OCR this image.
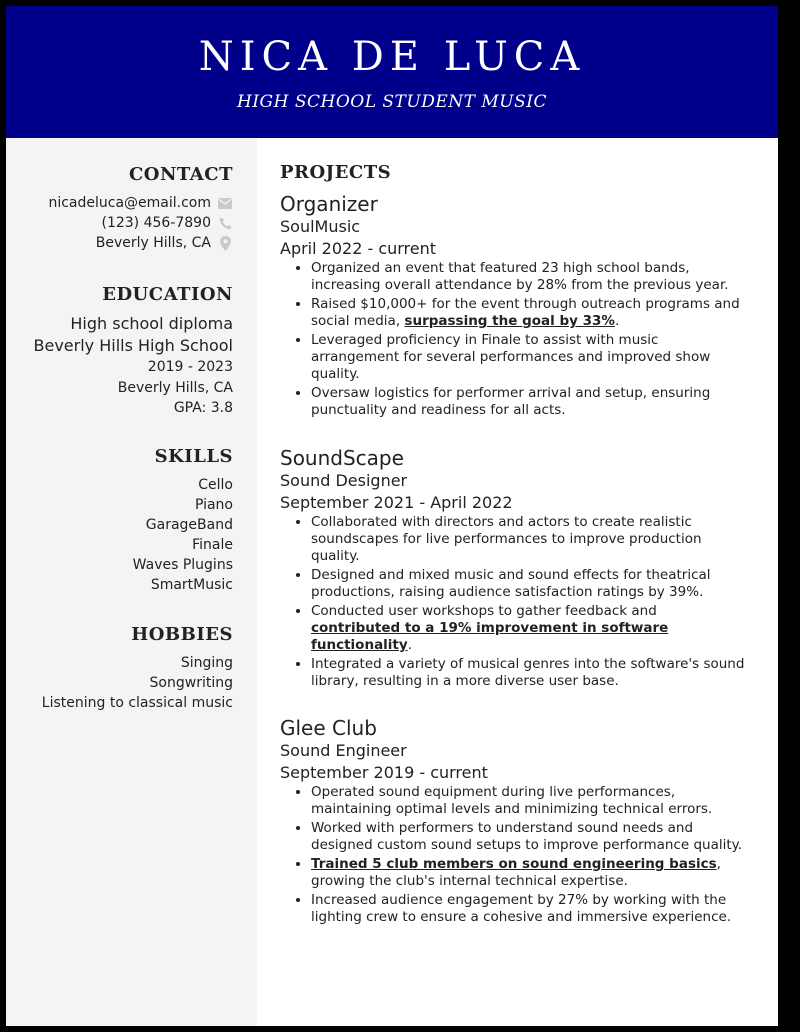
NICA DE LUCA
HIGH SCHOOL STUDENT MUSIC
CONTACT
nicadeluca@email.com
(123) 456-7890
Beverly Hills, CA
EDUCATION
High school diploma
Beverly Hills High School
2019 - 2023
Beverly Hills, CA
GPA: 3.8
SKILLS
Cello
Piano
GarageBand
Finale
Waves Plugins
SmartMusic
HOBBIES
Singing
Songwriting
Listening to classical music
PROJECTS
Organizer
SoulMusic
April 2022 - current
• Organized an event that featured 23 high school bands, increasing overall attendance by 28% from the previous year.
• Raised $10,000+ for the event through outreach programs and social media, surpassing the goal by 33%.
• Leveraged proficiency in Finale to assist with music arrangement for several performances and improved show quality.
• Oversaw logistics for performer arrival and setup, ensuring punctuality and readiness for all acts.
SoundScape
Sound Designer
September 2021 - April 2022
• Collaborated with directors and actors to create realistic soundscapes for live performances to improve production quality.
• Designed and mixed music and sound effects for theatrical productions, raising audience satisfaction ratings by 39%.
• Conducted user workshops to gather feedback and contributed to a 19% improvement in software functionality.
• Integrated a variety of musical genres into the software's sound library, resulting in a more diverse user base.
Glee Club
Sound Engineer
September 2019 - current
• Operated sound equipment during live performances, maintaining optimal levels and minimizing technical errors.
• Worked with performers to understand sound needs and designed custom sound setups to improve performance quality.
• Trained 5 club members on sound engineering basics, growing the club's internal technical expertise.
• Increased audience engagement by 27% by working with the lighting crew to ensure a cohesive and immersive experience.
